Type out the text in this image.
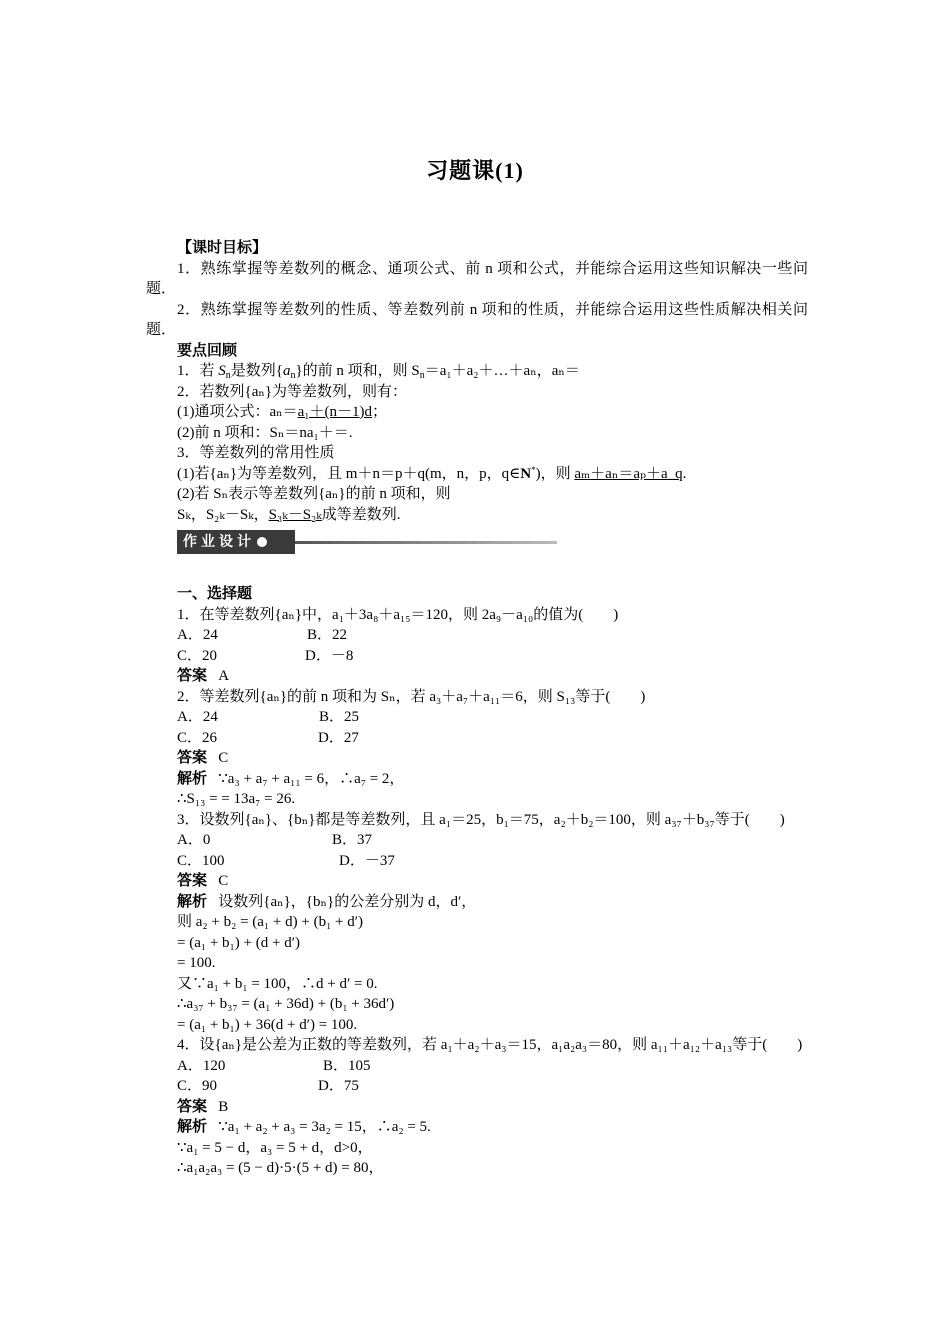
习题课(1)
【课时目标】
1．熟练掌握等差数列的概念、通项公式、前 n 项和公式，并能综合运用这些知识解决一些问题．
2．熟练掌握等差数列的性质、等差数列前 n 项和的性质，并能综合运用这些性质解决相关问题．
要点回顾
1．若 $S_n$是数列$\{a_n\}$的前 n 项和，则 $S_n=a_1+a_2+\dots+a_n$，aₙ＝
2．若数列{aₙ}为等差数列，则有：
(1)通项公式：aₙ＝a₁＋(n－1)d；
(2)前 n 项和：Sₙ＝na₁＋＝.
3．等差数列的常用性质
(1)若{aₙ}为等差数列，且 m＋n＝p＋q(m，n，p，q∈N*)，则 aₘ＋aₙ＝aₚ＋a_q.
(2)若 Sₙ表示等差数列{aₙ}的前 n 项和，则
Sₖ，S₂ₖ－Sₖ，S₃ₖ－S₂ₖ成等差数列.
作业设计
一、选择题
1．在等差数列{aₙ}中，a₁＋3a₈＋a₁₅＝120，则 2a₉－a₁₀的值为(　　)
A．24	B．22
C．20	D．－8
答案 A
2．等差数列{aₙ}的前 n 项和为 Sₙ，若 a₃＋a₇＋a₁₁＝6，则 S₁₃等于(　　)
A．24	B．25
C．26	D．27
答案 C
解析 ∵a₃ + a₇ + a₁₁ = 6，∴a₇ = 2，
∴S₁₃ = = 13a₇ = 26.
3．设数列{aₙ}、{bₙ}都是等差数列，且 a₁＝25，b₁＝75，a₂＋b₂＝100，则 a₃₇＋b₃₇等于(　　)
A．0	B．37
C．100	D．－37
答案 C
解析 设数列{aₙ}，{bₙ}的公差分别为 d，d′，
则 a₂ + b₂ = (a₁ + d) + (b₁ + d′)
= (a₁ + b₁) + (d + d′)
= 100.
又∵a₁ + b₁ = 100，∴d + d′ = 0.
∴a₃₇ + b₃₇ = (a₁ + 36d) + (b₁ + 36d′)
= (a₁ + b₁) + 36(d + d′) = 100.
4．设{aₙ}是公差为正数的等差数列，若 a₁＋a₂＋a₃＝15，a₁a₂a₃＝80，则 a₁₁＋a₁₂＋a₁₃等于(　　)
A．120	B．105
C．90	D．75
答案 B
解析 ∵a₁ + a₂ + a₃ = 3a₂ = 15，∴a₂ = 5.
∵a₁ = 5 − d，a₃ = 5 + d，d>0，
∴a₁a₂a₃ = (5 − d)·5·(5 + d) = 80，
